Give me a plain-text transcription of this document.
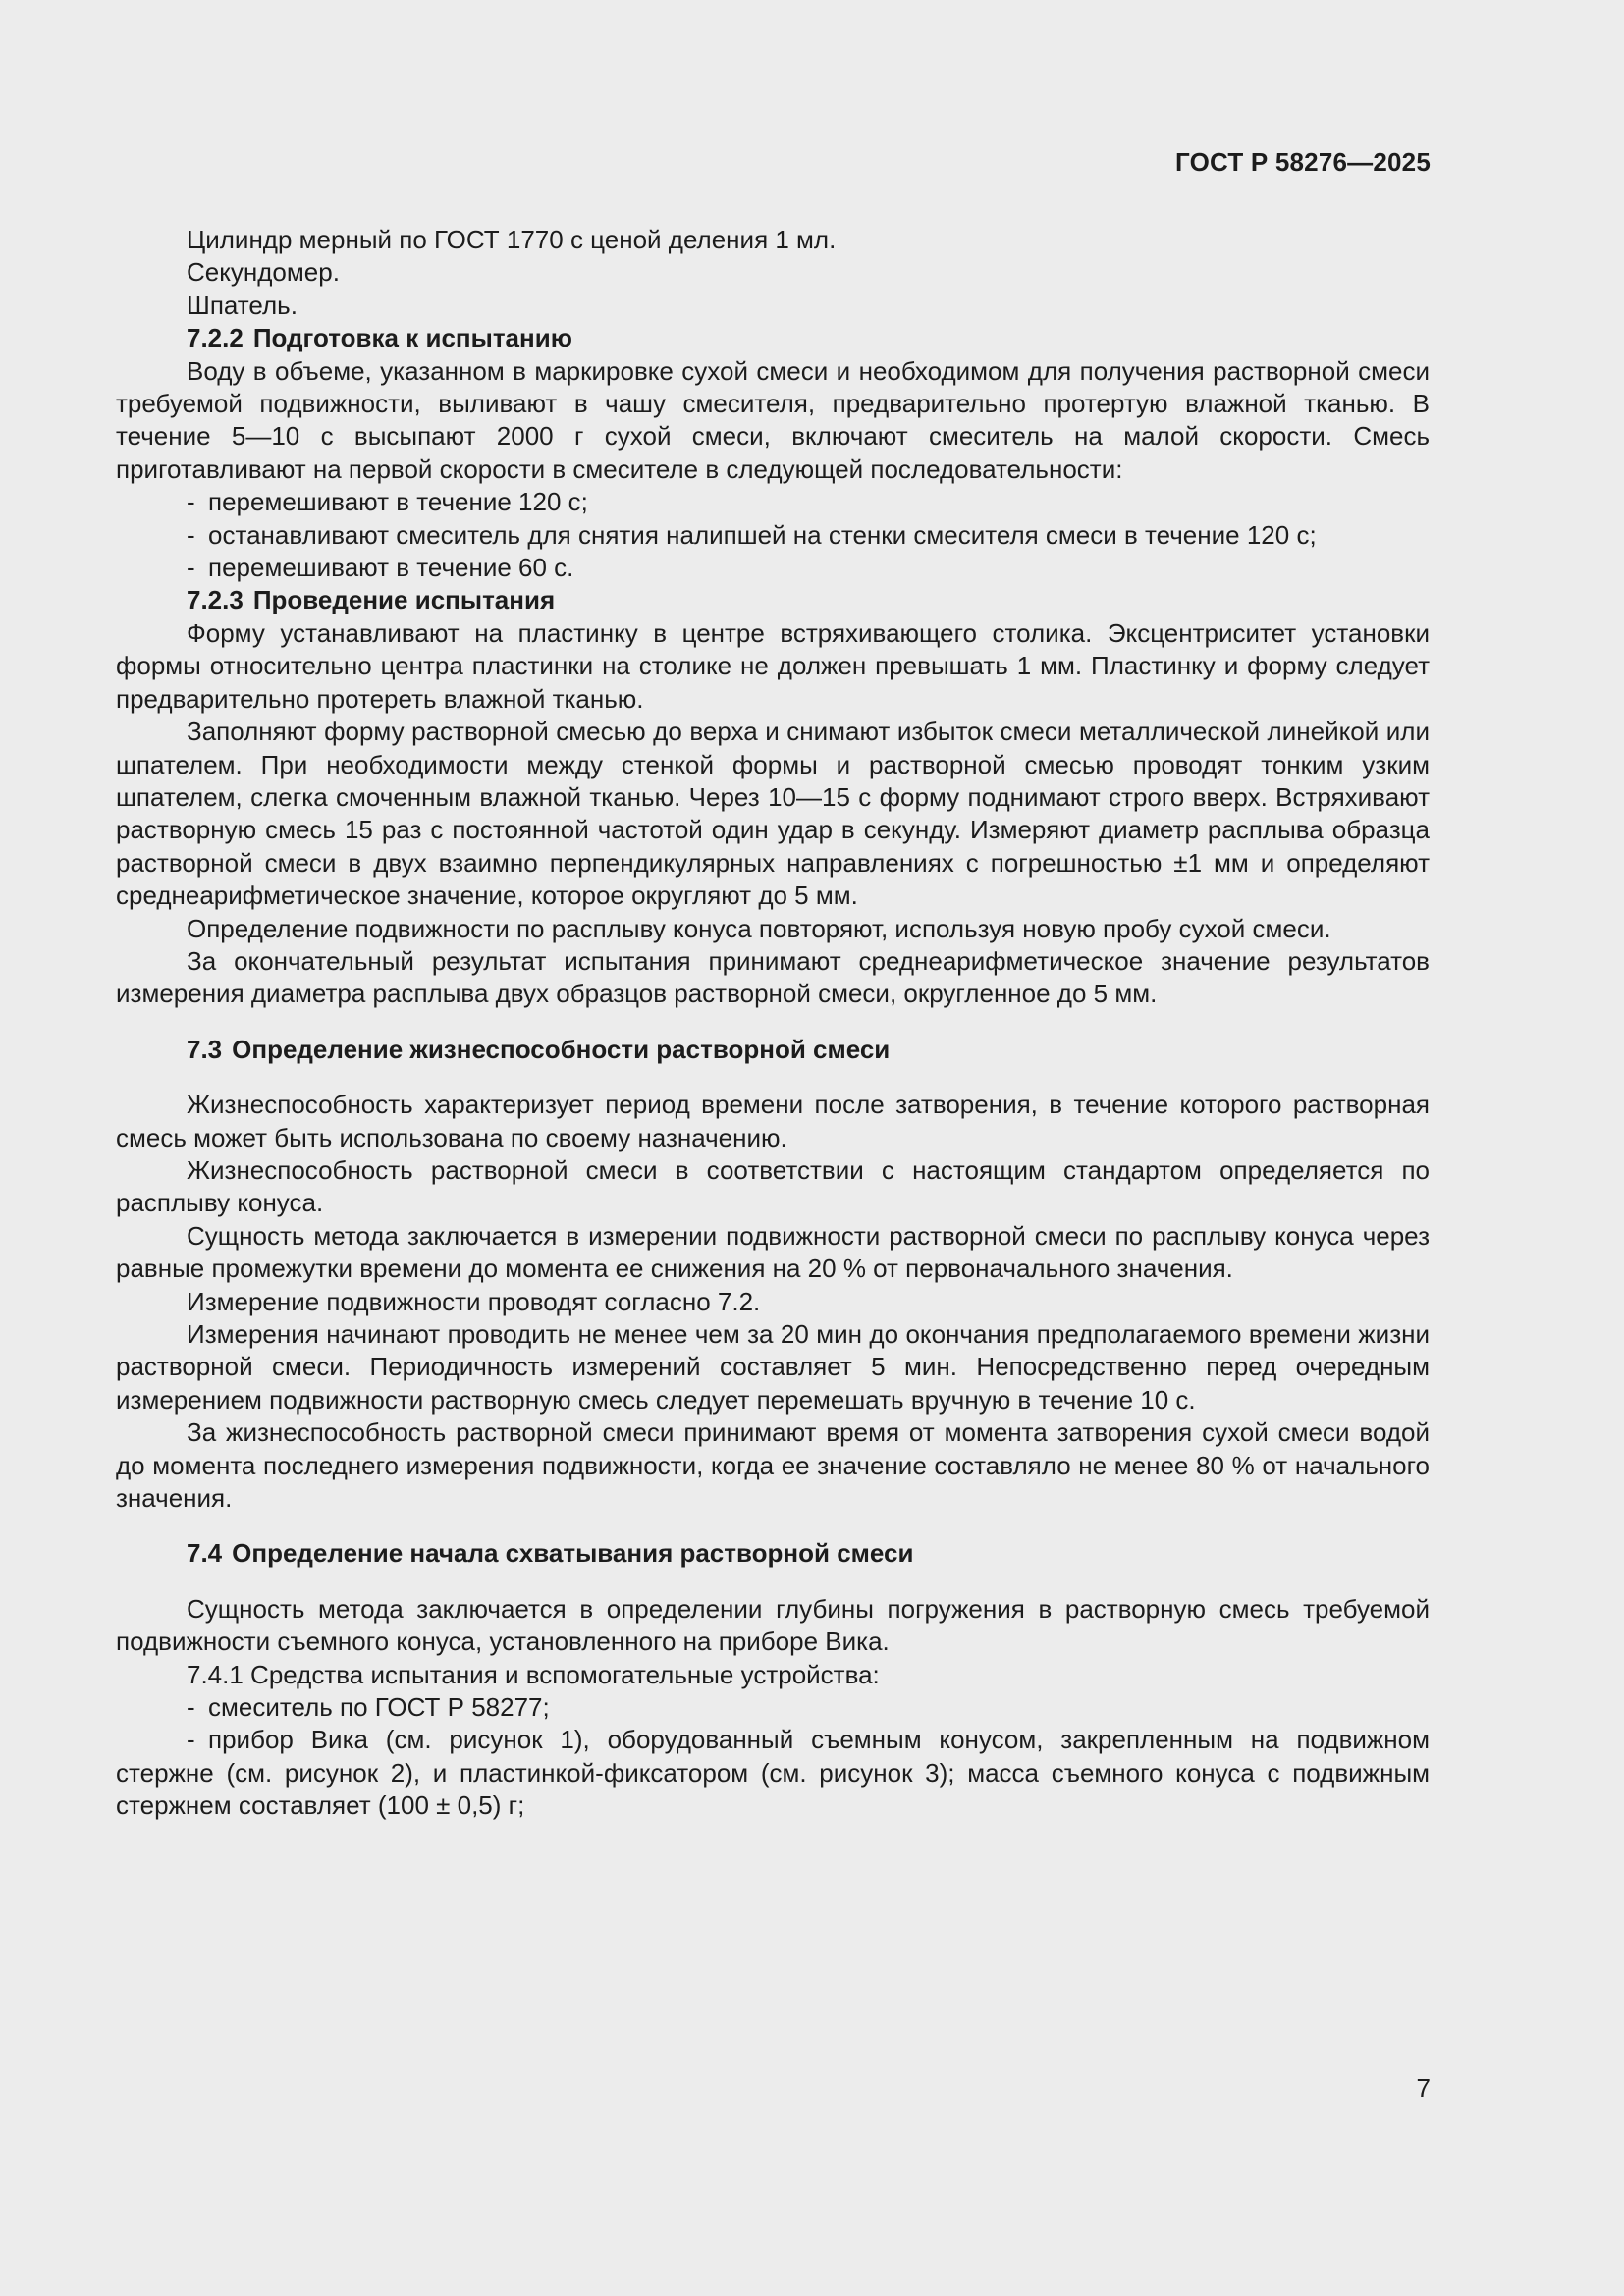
ГОСТ Р 58276—2025

Цилиндр мерный по ГОСТ 1770 с ценой деления 1 мл.

Секундомер.

Шпатель.

7.2.2 Подготовка к испытанию

Воду в объеме, указанном в маркировке сухой смеси и необходимом для получения растворной смеси требуемой подвижности, выливают в чашу смесителя, предварительно протертую влажной тканью. В течение 5—10 с высыпают 2000 г сухой смеси, включают смеситель на малой скорости. Смесь приготавливают на первой скорости в смесителе в следующей последовательности:

- перемешивают в течение 120 с;

- останавливают смеситель для снятия налипшей на стенки смесителя смеси в течение 120 с;

- перемешивают в течение 60 с.

7.2.3 Проведение испытания

Форму устанавливают на пластинку в центре встряхивающего столика. Эксцентриситет установки формы относительно центра пластинки на столике не должен превышать 1 мм. Пластинку и форму следует предварительно протереть влажной тканью.

Заполняют форму растворной смесью до верха и снимают избыток смеси металлической линейкой или шпателем. При необходимости между стенкой формы и растворной смесью проводят тонким узким шпателем, слегка смоченным влажной тканью. Через 10—15 с форму поднимают строго вверх. Встряхивают растворную смесь 15 раз с постоянной частотой один удар в секунду. Измеряют диаметр расплыва образца растворной смеси в двух взаимно перпендикулярных направлениях с погрешностью ±1 мм и определяют среднеарифметическое значение, которое округляют до 5 мм.

Определение подвижности по расплыву конуса повторяют, используя новую пробу сухой смеси.

За окончательный результат испытания принимают среднеарифметическое значение результатов измерения диаметра расплыва двух образцов растворной смеси, округленное до 5 мм.

7.3 Определение жизнеспособности растворной смеси

Жизнеспособность характеризует период времени после затворения, в течение которого растворная смесь может быть использована по своему назначению.

Жизнеспособность растворной смеси в соответствии с настоящим стандартом определяется по расплыву конуса.

Сущность метода заключается в измерении подвижности растворной смеси по расплыву конуса через равные промежутки времени до момента ее снижения на 20 % от первоначального значения.

Измерение подвижности проводят согласно 7.2.

Измерения начинают проводить не менее чем за 20 мин до окончания предполагаемого времени жизни растворной смеси. Периодичность измерений составляет 5 мин. Непосредственно перед очередным измерением подвижности растворную смесь следует перемешать вручную в течение 10 с.

За жизнеспособность растворной смеси принимают время от момента затворения сухой смеси водой до момента последнего измерения подвижности, когда ее значение составляло не менее 80 % от начального значения.

7.4 Определение начала схватывания растворной смеси

Сущность метода заключается в определении глубины погружения в растворную смесь требуемой подвижности съемного конуса, установленного на приборе Вика.

7.4.1 Средства испытания и вспомогательные устройства:

- смеситель по ГОСТ Р 58277;

- прибор Вика (см. рисунок 1), оборудованный съемным конусом, закрепленным на подвижном стержне (см. рисунок 2), и пластинкой-фиксатором (см. рисунок 3); масса съемного конуса с подвижным стержнем составляет (100 ± 0,5) г;

7
